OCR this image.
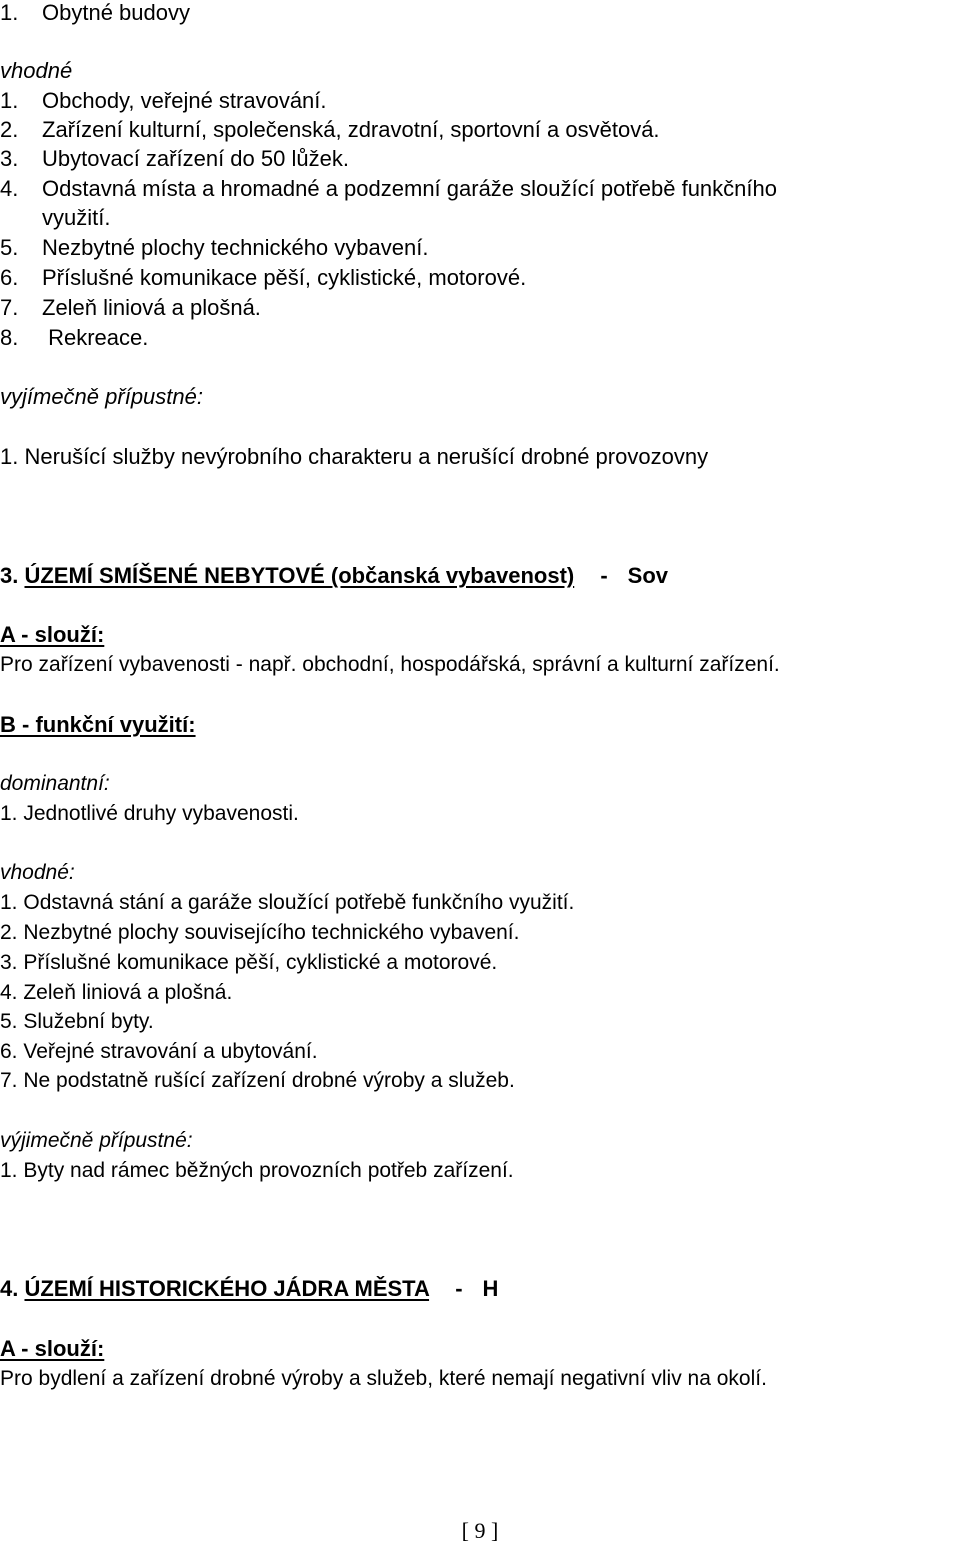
1. Obytné budovy
vhodné
1. Obchody, veřejné stravování.
2. Zařízení kulturní, společenská, zdravotní, sportovní a osvětová.
3. Ubytovací zařízení do 50 lůžek.
4. Odstavná místa a hromadné a podzemní garáže sloužící potřebě funkčního
využití.
5. Nezbytné plochy technického vybavení.
6. Příslušné komunikace pěší, cyklistické, motorové.
7. Zeleň liniová a plošná.
8. Rekreace.
vyjímečně přípustné:
1. Nerušící služby nevýrobního charakteru a nerušící drobné provozovny
3. ÚZEMÍ SMÍŠENÉ NEBYTOVÉ (občanská vybavenost) - Sov
A - slouží:
Pro zařízení vybavenosti - např. obchodní, hospodářská, správní a kulturní zařízení.
B - funkční využití:
dominantní:
1. Jednotlivé druhy vybavenosti.
vhodné:
1. Odstavná stání a garáže sloužící potřebě funkčního využití.
2. Nezbytné plochy souvisejícího technického vybavení.
3. Příslušné komunikace pěší, cyklistické a motorové.
4. Zeleň liniová a plošná.
5. Služební byty.
6. Veřejné stravování a ubytování.
7. Ne podstatně rušící zařízení drobné výroby a služeb.
výjimečně přípustné:
1. Byty nad rámec běžných provozních potřeb zařízení.
4. ÚZEMÍ HISTORICKÉHO JÁDRA MĚSTA - H
A - slouží:
Pro bydlení a zařízení drobné výroby a služeb, které nemají negativní vliv na okolí.
[ 9 ]
